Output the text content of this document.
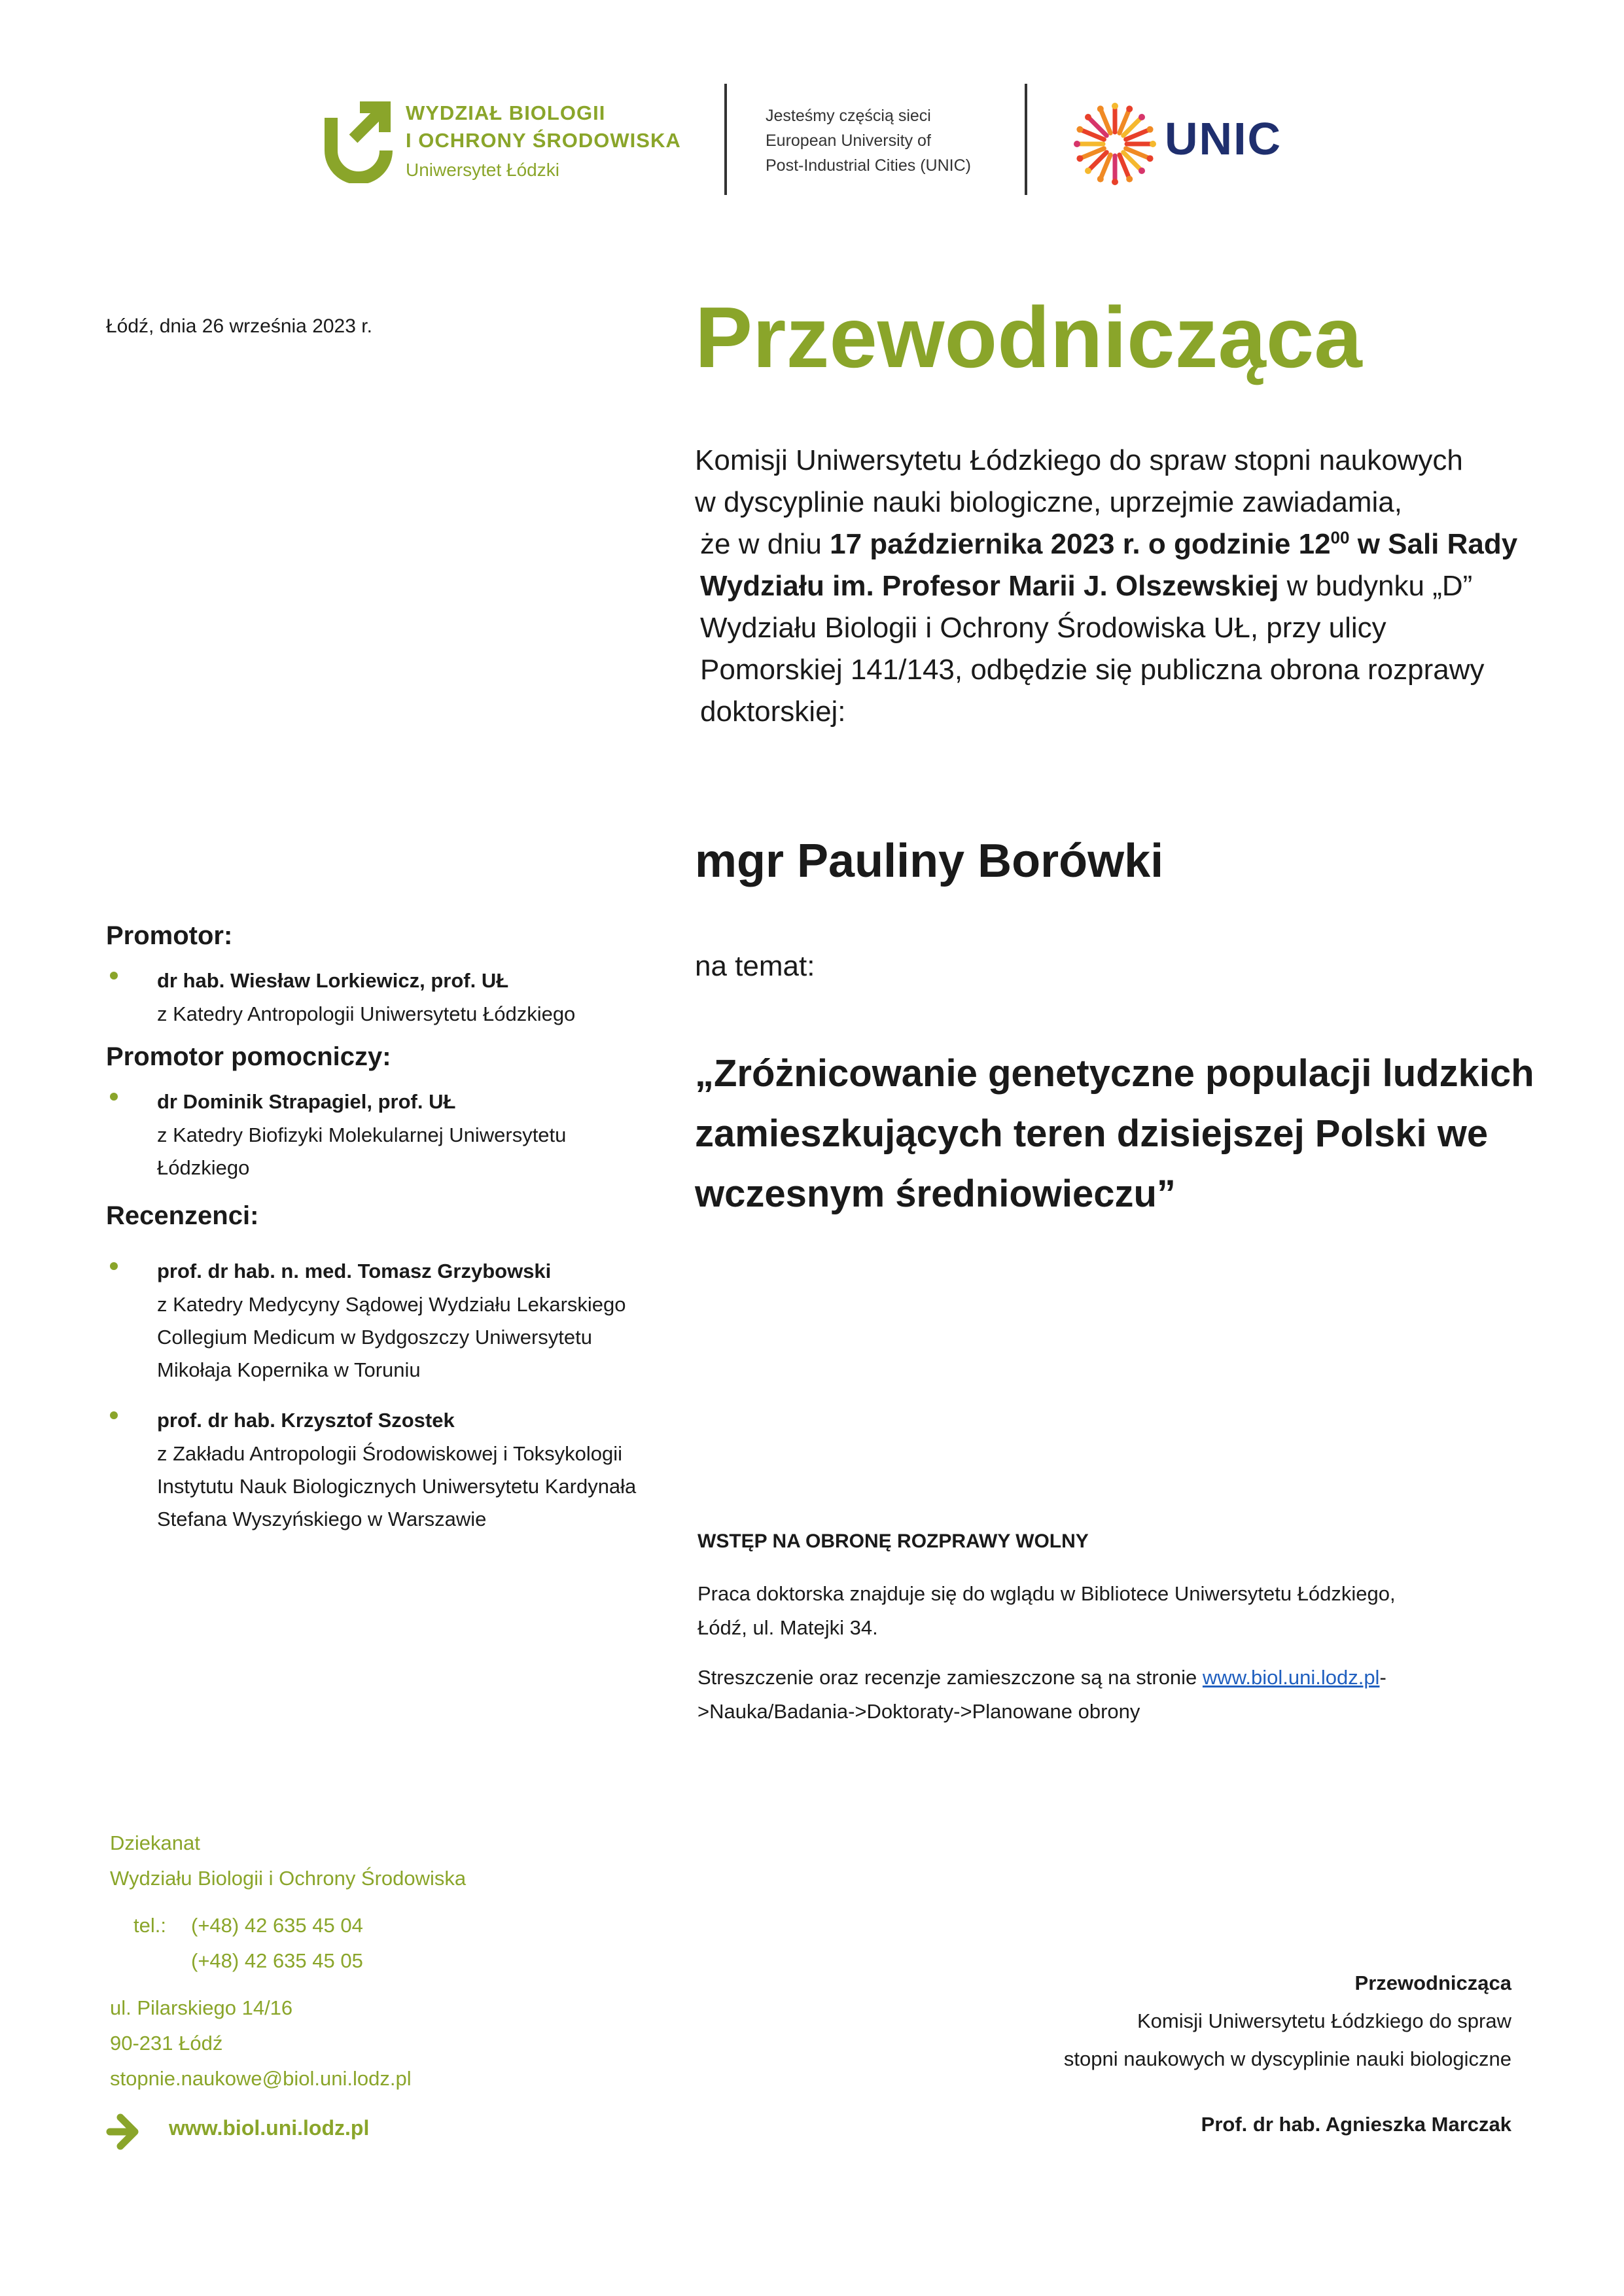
WYDZIAŁ BIOLOGII
I OCHRONY ŚRODOWISKA
Uniwersytet Łódzki
Jesteśmy częścią sieci
European University of
Post-Industrial Cities (UNIC)
UNIC
Łódź, dnia 26 września 2023 r.	Przewodnicząca
Komisji Uniwersytetu Łódzkiego do spraw stopni naukowych
w dyscyplinie nauki biologiczne, uprzejmie zawiadamia,
że w dniu 17 października 2023 r. o godzinie $12^{00}$ w Sali Rady
Wydziału im. Profesor Marii J. Olszewskiej w budynku „D”
Wydziału Biologii i Ochrony Środowiska UŁ, przy ulicy
Pomorskiej 141/143, odbędzie się publiczna obrona rozprawy
doktorskiej:
mgr Pauliny Borówki
na temat:
„Zróżnicowanie genetyczne populacji ludzkich
zamieszkujących teren dzisiejszej Polski we
wczesnym średniowieczu”
Promotor:
dr hab. Wiesław Lorkiewicz, prof. UŁ
z Katedry Antropologii Uniwersytetu Łódzkiego
Promotor pomocniczy:
dr Dominik Strapagiel, prof. UŁ
z Katedry Biofizyki Molekularnej Uniwersytetu
Łódzkiego
Recenzenci:
prof. dr hab. n. med. Tomasz Grzybowski
z Katedry Medycyny Sądowej Wydziału Lekarskiego
Collegium Medicum w Bydgoszczy Uniwersytetu
Mikołaja Kopernika w Toruniu
prof. dr hab. Krzysztof Szostek
z Zakładu Antropologii Środowiskowej i Toksykologii
Instytutu Nauk Biologicznych Uniwersytetu Kardynała
Stefana Wyszyńskiego w Warszawie
WSTĘP NA OBRONĘ ROZPRAWY WOLNY

Praca doktorska znajduje się do wglądu w Bibliotece Uniwersytetu Łódzkiego,
Łódź, ul. Matejki 34.

Streszczenie oraz recenzje zamieszczone są na stronie www.biol.uni.lodz.pl-
>Nauka/Badania->Doktoraty->Planowane obrony

Dziekanat
Wydziału Biologii i Ochrony Środowiska
tel.:	(+48) 42 635 45 04
(+48) 42 635 45 05
ul. Pilarskiego 14/16
90-231 Łódź
stopnie.naukowe@biol.uni.lodz.pl
www.biol.uni.lodz.pl
Przewodnicząca
Komisji Uniwersytetu Łódzkiego do spraw
stopni naukowych w dyscyplinie nauki biologiczne
Prof. dr hab. Agnieszka Marczak
